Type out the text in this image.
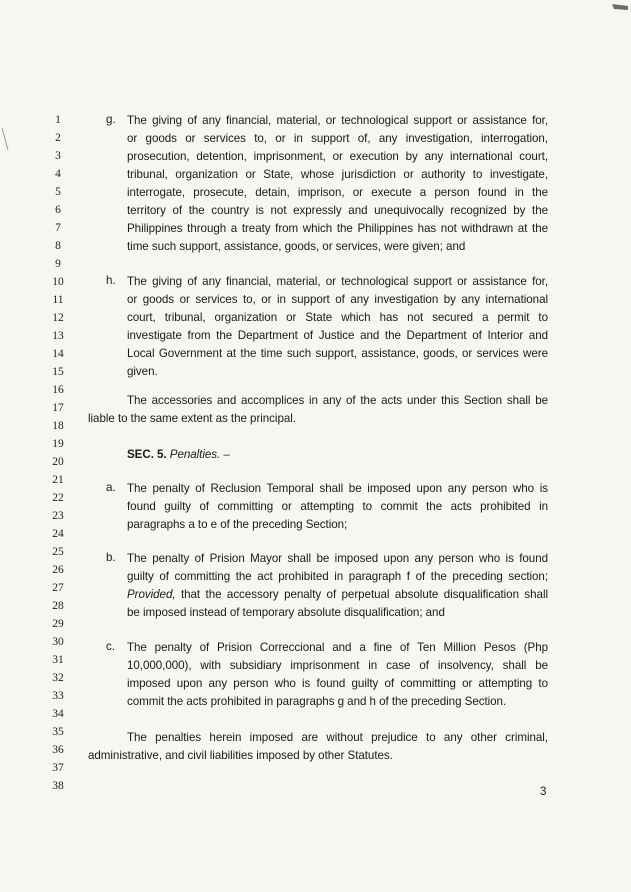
1
2
3
4
5
6
7
8
9
10
11
12
13
14
15
16
17
18
19
20
21
22
23
24
25
26
27
28
29
30
31
32
33
34
35
36
37
38
g. The giving of any financial, material, or technological support or assistance for,
or goods or services to, or in support of, any investigation, interrogation,
prosecution, detention, imprisonment, or execution by any international court,
tribunal, organization or State, whose jurisdiction or authority to investigate,
interrogate, prosecute, detain, imprison, or execute a person found in the
territory of the country is not expressly and unequivocally recognized by the
Philippines through a treaty from which the Philippines has not withdrawn at the
time such support, assistance, goods, or services, were given; and
h. The giving of any financial, material, or technological support or assistance for,
or goods or services to, or in support of any investigation by any international
court, tribunal, organization or State which has not secured a permit to
investigate from the Department of Justice and the Department of Interior and
Local Government at the time such support, assistance, goods, or services were
given.
The accessories and accomplices in any of the acts under this Section shall be
liable to the same extent as the principal.
SEC. 5. Penalties. –
a. The penalty of Reclusion Temporal shall be imposed upon any person who is
found guilty of committing or attempting to commit the acts prohibited in
paragraphs a to e of the preceding Section;
b. The penalty of Prision Mayor shall be imposed upon any person who is found
guilty of committing the act prohibited in paragraph f of the preceding section;
Provided, that the accessory penalty of perpetual absolute disqualification shall
be imposed instead of temporary absolute disqualification; and
c. The penalty of Prision Correccional and a fine of Ten Million Pesos (Php
10,000,000), with subsidiary imprisonment in case of insolvency, shall be
imposed upon any person who is found guilty of committing or attempting to
commit the acts prohibited in paragraphs g and h of the preceding Section.
The penalties herein imposed are without prejudice to any other criminal,
administrative, and civil liabilities imposed by other Statutes.
3
